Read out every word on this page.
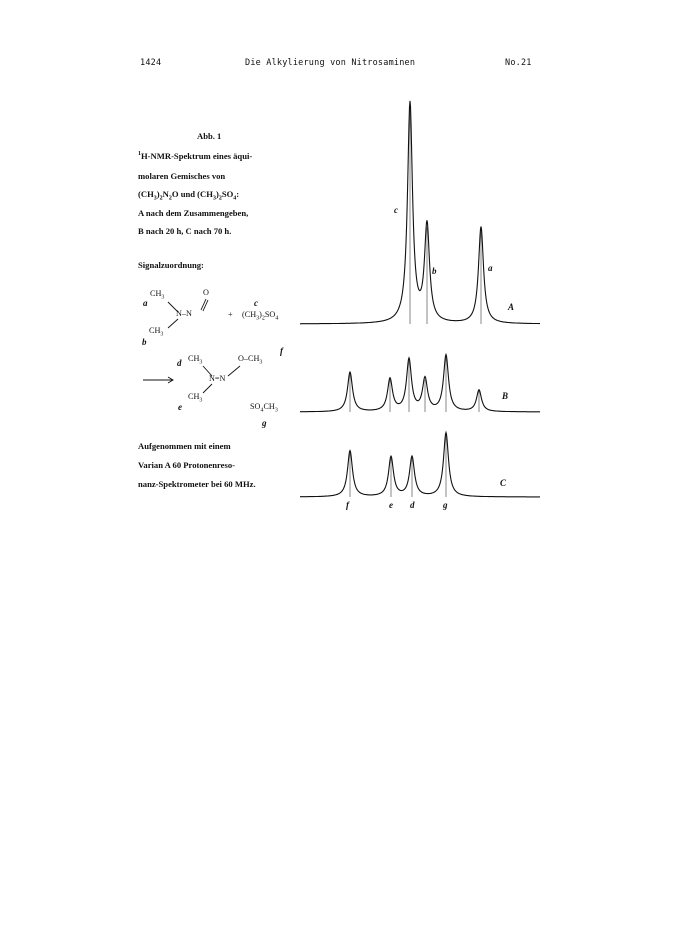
1424	Die Alkylierung von Nitrosaminen	No.21
Abb. 1
$^1$H-NMR-Spektrum eines äqui-
molaren Gemisches von
$(CH_3)_2N_2O$ und $(CH_3)_2SO_4$:
A nach dem Zusammengeben,
B nach 20 h, C nach 70 h.
Signalzuordnung:
$CH_3$
a
N–N
O
$CH_3$
b
+
c
$(CH_3)_2SO_4$
d $CH_3$	$O-CH_3$
f
N=N
$CH_3$
e	$SO_4CH_3$
g
Aufgenommen mit einem
Varian A 60 Protonenreso-
nanz-Spektrometer bei 60 MHz.
c
b	a
A
B
C
f	e d	g
